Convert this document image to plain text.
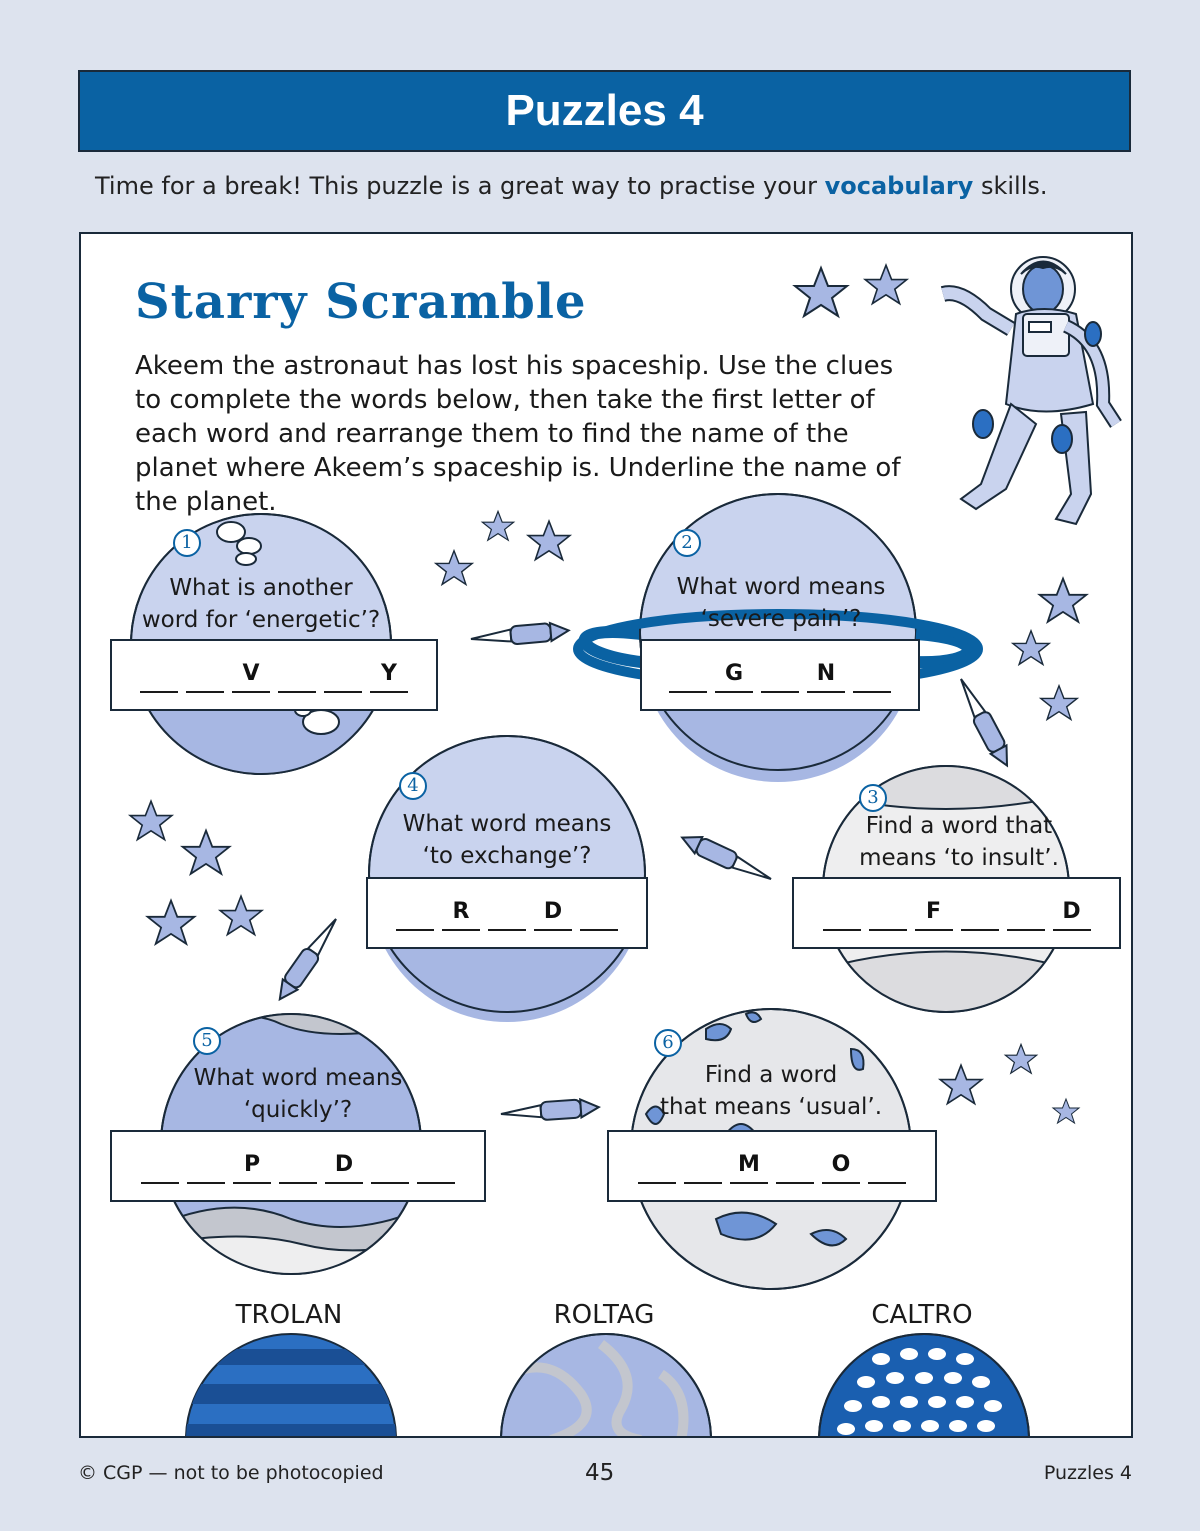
Puzzles 4
Time for a break! This puzzle is a great way to practise your vocabulary skills.
Starry Scramble
Akeem the astronaut has lost his spaceship. Use the clues to complete the words below, then take the first letter of each word and rearrange them to find the name of the planet where Akeem’s spaceship is. Underline the name of the planet.
1
What is another
word for ‘energetic’?
V	Y
2
What word means
‘severe pain’?
G	N
4
What word means
‘to exchange’?
R	D
3
Find a word that
means ‘to insult’.
F	D
5
What word means
‘quickly’?
P	D
6
Find a word
that means ‘usual’.
M	O
TROLAN	ROLTAG	CALTRO
© CGP — not to be photocopied	45	Puzzles 4
